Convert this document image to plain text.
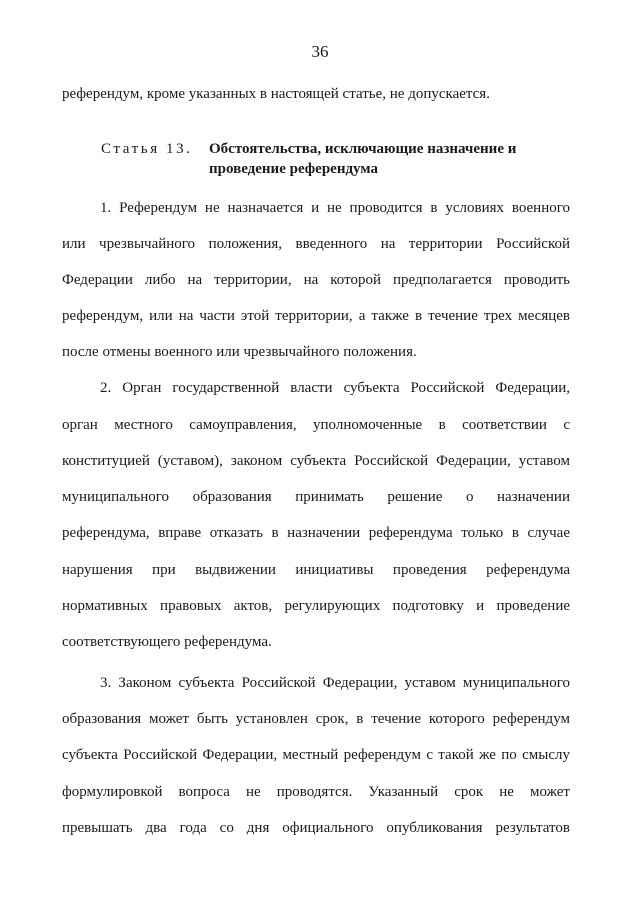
36
референдум, кроме указанных в настоящей статье, не допускается.
Статья 13. Обстоятельства, исключающие назначение и
проведение референдума
1. Референдум не назначается и не проводится в условиях военного
или чрезвычайного положения, введенного на территории Российской
Федерации либо на территории, на которой предполагается проводить
референдум, или на части этой территории, а также в течение трех месяцев
после отмены военного или чрезвычайного положения.
2. Орган государственной власти субъекта Российской Федерации,
орган местного самоуправления, уполномоченные в соответствии с
конституцией (уставом), законом субъекта Российской Федерации, уставом
муниципального образования принимать решение о назначении
референдума, вправе отказать в назначении референдума только в случае
нарушения при выдвижении инициативы проведения референдума
нормативных правовых актов, регулирующих подготовку и проведение
соответствующего референдума.
3. Законом субъекта Российской Федерации, уставом муниципального
образования может быть установлен срок, в течение которого референдум
субъекта Российской Федерации, местный референдум с такой же по смыслу
формулировкой вопроса не проводятся. Указанный срок не может
превышать два года со дня официального опубликования результатов
